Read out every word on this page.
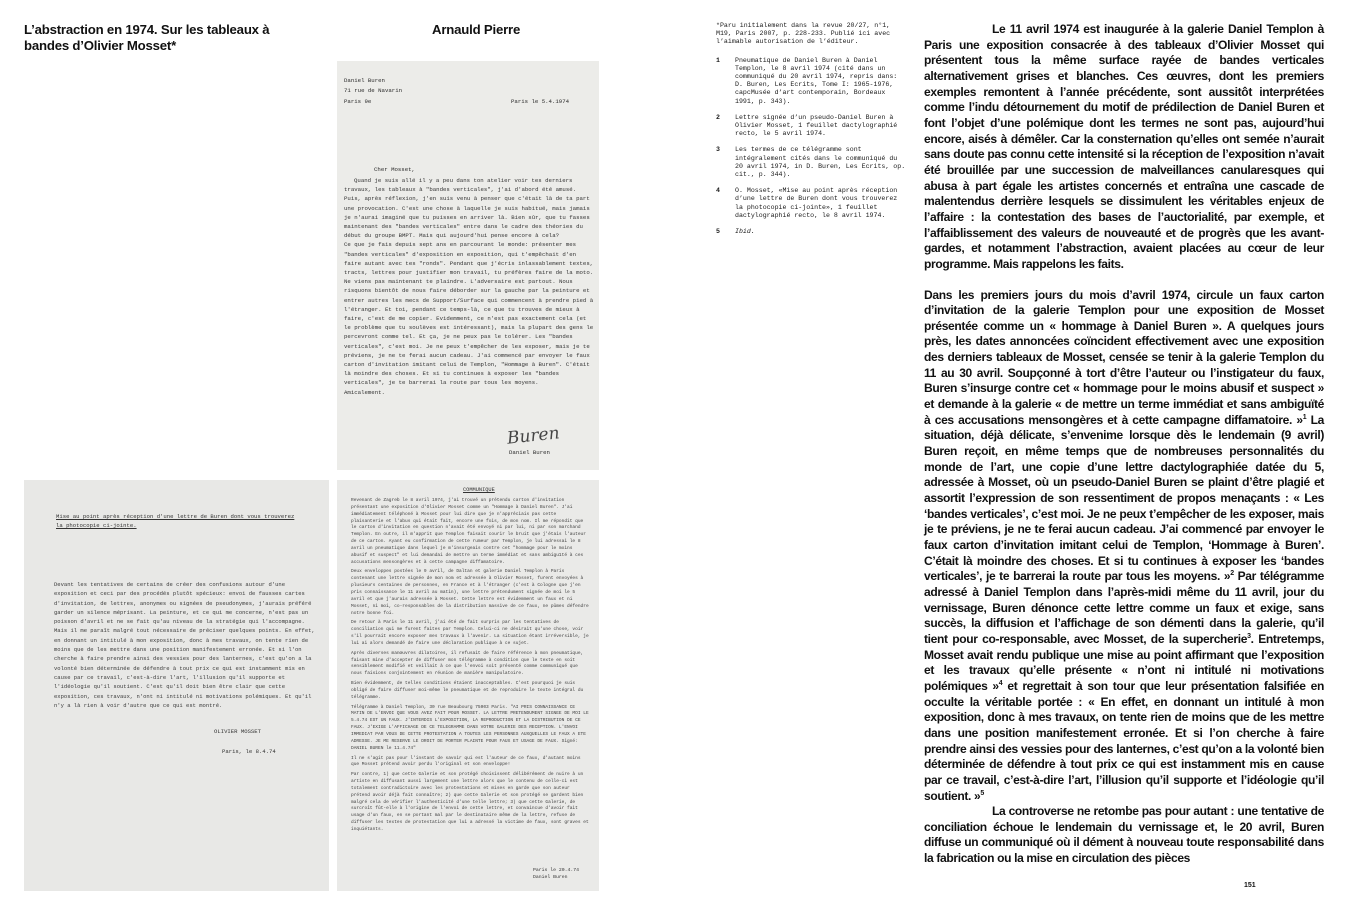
L’abstraction en 1974. Sur les tableaux à bandes d’Olivier Mosset*
Arnauld Pierre
Daniel Buren
71 rue de Navarin
Paris 9e	Paris le 5.4.1974
Cher Mosset,

Quand je suis allé il y a peu dans ton atelier voir tes derniers travaux, les tableaux à "bandes verticales", j'ai d'abord été amusé. Puis, après réflexion, j'en suis venu à penser que c'était là de ta part une provocation. C'est une chose à laquelle je suis habitué, mais jamais je n'aurai imaginé que tu puisses en arriver là. Bien sûr, que tu fasses maintenant des "bandes verticales" entre dans le cadre des théories du début du groupe BMPT. Mais qui aujourd'hui pense encore à cela?

Ce que je fais depuis sept ans en parcourant le monde: présenter mes "bandes verticales" d'exposition en exposition, qui t'empêchait d'en faire autant avec tes "ronds". Pendant que j'écris inlassablement textes, tracts, lettres pour justifier mon travail, tu préfères faire de la moto. Ne viens pas maintenant te plaindre. L'adversaire est partout. Nous risquons bientôt de nous faire déborder sur la gauche par la peinture et entrer autres les mecs de Support/Surface qui commencent à prendre pied à l'étranger. Et toi, pendant ce temps-là, ce que tu trouves de mieux à faire, c'est de me copier. Evidemment, ce n'est pas exactement cela (et le problème que tu soulèves est intéressant), mais la plupart des gens le percevront comme tel. Et ça, je ne peux pas le tolérer. Les "bandes verticales", c'est moi. Je ne peux t'empêcher de les exposer, mais je te préviens, je ne te ferai aucun cadeau. J'ai commencé par envoyer le faux carton d'invitation imitant celui de Templon, "Hommage à Buren". C'était là moindre des choses. Et si tu continues à exposer les "bandes verticales", je te barrerai la route par tous les moyens.

Amicalement.

Buren
Daniel Buren
Mise au point après réception d'une lettre de Buren dont vous trouverez la photocopie ci-jointe.
Devant les tentatives de certains de créer des confusions autour d'une exposition et ceci par des procédés plutôt spécieux: envoi de fausses cartes d'invitation, de lettres, anonymes ou signées de pseudonymes, j'aurais préféré garder un silence méprisant. La peinture, et ce qui me concerne, n'est pas un poisson d'avril et ne se fait qu'au niveau de la stratégie qui l'accompagne. Mais il me paraît malgré tout nécessaire de préciser quelques points. En effet, en donnant un intitulé à mon exposition, donc à mes travaux, on tente rien de moins que de les mettre dans une position manifestement erronée. Et si l'on cherche à faire prendre ainsi des vessies pour des lanternes, c'est qu'on a la volonté bien déterminée de défendre à tout prix ce qui est instamment mis en cause par ce travail, c'est-à-dire l'art, l'illusion qu'il supporte et l'idéologie qu'il soutient. C'est qu'il doit bien être clair que cette exposition, ces travaux, n'ont ni intitulé ni motivations polémiques. Et qu'il n'y a là rien à voir d'autre que ce qui est montré.
OLIVIER MOSSET
Paris, le 8.4.74
COMMUNIQUE

Revenant de Zagreb le 8 avril 1974, j'ai trouvé un prétendu carton d'invitation présentant une exposition d'Olivier Mosset comme un "Hommage à Daniel Buren". J'ai immédiatement téléphoné à Mosset pour lui dire que je n'appréciais pas cette plaisanterie et l'abus qui était fait, encore une fois, de mon nom. Il me répondit que le carton d'invitation en question n'avait été envoyé ni par lui, ni par son marchand Templon. En outre, il m'apprit que Templon faisait courir le bruit que j'étais l'auteur de ce carton. Ayant eu confirmation de cette rumeur par Templon, je lui adressai le 8 avril un pneumatique dans lequel je m'insurgeais contre cet "hommage pour le moins abusif et suspect" et lui demandai de mettre un terme immédiat et sans ambiguïté à ces accusations mensongères et à cette campagne diffamatoire.

Deux enveloppes postées le 9 avril, de Daltan et galerie Daniel Templon à Paris contenant une lettre signée de mon nom et adressée à Olivier Mosset, furent envoyées à plusieurs centaines de personnes, en France et à l'étranger (c'est à Cologne que j'en pris connaissance le 11 avril au matin), une lettre prétendument signée de moi le 5 avril et que j'aurais adressée à Mosset. Cette lettre est évidemment un faux et ni Mosset, ni moi, co-responsables de la distribution massive de ce faux, ne pûmes défendre notre bonne foi.

De retour à Paris le 11 avril, j'ai été de fait surpris par les tentatives de conciliation qui me furent faites par Templon. Celui-ci ne désirait qu'une chose, voir s'il pourrait encore exposer mes travaux à l'avenir. La situation étant irréversible, je lui ai alors demandé de faire une déclaration publique à ce sujet.

Après diverses manœuvres dilatoires, il refusait de faire référence à mon pneumatique, faisant mine d'accepter de diffuser mon télégramme à condition que le texte en soit sensiblement modifié et veillait à ce que l'envoi soit présenté comme communiqué que nous faisions conjointement en réunion de manière manipulatoire.

Bien évidemment, de telles conditions étaient inacceptables. C'est pourquoi je suis obligé de faire diffuser moi-même le pneumatique et de reproduire le texte intégral du télégramme.

Télégramme à Daniel Templon, 30 rue Beaubourg 75003 Paris. "AI PRIS CONNAISSANCE CE MATIN DE L'ENVOI QUE VOUS AVEZ FAIT POUR MOSSET. LA LETTRE PRETENDUMENT SIGNEE DE MOI LE 5.4.74 EST UN FAUX. J'INTERDIS L'EXPOSITION, LA REPRODUCTION ET LA DISTRIBUTION DE CE FAUX. J'EXIGE L'AFFICHAGE DE CE TELEGRAMME DANS VOTRE GALERIE DES RECEPTION. L'ENVOI IMMEDIAT PAR VOUS DE CETTE PROTESTATION A TOUTES LES PERSONNES AUXQUELLES LE FAUX A ETE ADRESSE. JE ME RESERVE LE DROIT DE PORTER PLAINTE POUR FAUX ET USAGE DE FAUX. Signé: DANIEL BUREN le 11.4.74"

Il ne s'agit pas pour l'instant de savoir qui est l'auteur de ce faux, d'autant moins que Mosset prétend avoir perdu l'original et son enveloppe!

Par contre, 1) que cette Galerie et son protégé choisissent délibérément de nuire à un artiste en diffusant aussi largement une lettre alors que le contenu de celle-ci est totalement contradictoire avec les protestations et mises en garde que son auteur prétend avoir déjà fait connaître; 2) que cette Galerie et son protégé se gardent bien malgré cela de vérifier l'authenticité d'une telle lettre; 3) que cette Galerie, de surcroît fût-elle à l'origine de l'envoi de cette lettre, et convaincue d'avoir fait usage d'un faux, en se portant mal par le destinataire même de la lettre, refuse de diffuser les textes de protestation que lui a adressé la victime de faux, sont graves et inquiétants.

Paris le 20.4.74
Daniel Buren
*Paru initialement dans la revue 20/27, n°1, M19, Paris 2007, p. 228-233. Publié ici avec l’aimable autorisation de l’éditeur.
1	Pneumatique de Daniel Buren à Daniel Templon, le 8 avril 1974 (cité dans un communiqué du 20 avril 1974, repris dans: D. Buren, Les Ecrits, Tome I: 1965-1976, capcMusée d’art contemporain, Bordeaux 1991, p. 343).
2	Lettre signée d’un pseudo-Daniel Buren à Olivier Mosset, 1 feuillet dactylographié recto, le 5 avril 1974.
3	Les termes de ce télégramme sont intégralement cités dans le communiqué du 20 avril 1974, in D. Buren, Les Ecrits, op. cit., p. 344).
4	O. Mosset, «Mise au point après réception d’une lettre de Buren dont vous trouverez la photocopie ci-jointe», 1 feuillet dactylographié recto, le 8 avril 1974.
5	Ibid.

Le 11 avril 1974 est inaugurée à la galerie Daniel Templon à Paris une exposition consacrée à des tableaux d’Olivier Mosset qui présentent tous la même surface rayée de bandes verticales alternativement grises et blanches. Ces œuvres, dont les premiers exemples remontent à l’année précédente, sont aussitôt interprétées comme l’indu détournement du motif de prédilection de Daniel Buren et font l’objet d’une polémique dont les termes ne sont pas, aujourd’hui encore, aisés à démêler. Car la consternation qu’elles ont semée n’aurait sans doute pas connu cette intensité si la réception de l’exposition n’avait été brouillée par une succession de malveillances canularesques qui abusa à part égale les artistes concernés et entraîna une cascade de malentendus derrière lesquels se dissimulent les véritables enjeux de l’affaire : la contestation des bases de l’auctorialité, par exemple, et l’affaiblissement des valeurs de nouveauté et de progrès que les avant-gardes, et notamment l’abstraction, avaient placées au cœur de leur programme. Mais rappelons les faits.

Dans les premiers jours du mois d’avril 1974, circule un faux carton d’invitation de la galerie Templon pour une exposition de Mosset présentée comme un « hommage à Daniel Buren ». A quelques jours près, les dates annoncées coïncident effectivement avec une exposition des derniers tableaux de Mosset, censée se tenir à la galerie Templon du 11 au 30 avril. Soupçonné à tort d’être l’auteur ou l’instigateur du faux, Buren s’insurge contre cet « hommage pour le moins abusif et suspect » et demande à la galerie « de mettre un terme immédiat et sans ambiguïté à ces accusations mensongères et à cette campagne diffamatoire. »$^1$ La situation, déjà délicate, s’envenime lorsque dès le lendemain (9 avril) Buren reçoit, en même temps que de nombreuses personnalités du monde de l’art, une copie d’une lettre dactylographiée datée du 5, adressée à Mosset, où un pseudo-Daniel Buren se plaint d’être plagié et assortit l’expression de son ressentiment de propos menaçants : « Les ‘bandes verticales’, c’est moi. Je ne peux t’empêcher de les exposer, mais je te préviens, je ne te ferai aucun cadeau. J’ai commencé par envoyer le faux carton d’invitation imitant celui de Templon, ‘Hommage à Buren’. C’était là moindre des choses. Et si tu continues à exposer les ‘bandes verticales’, je te barrerai la route par tous les moyens. »$^2$ Par télégramme adressé à Daniel Templon dans l’après-midi même du 11 avril, jour du vernissage, Buren dénonce cette lettre comme un faux et exige, sans succès, la diffusion et l’affichage de son démenti dans la galerie, qu’il tient pour co-responsable, avec Mosset, de la supercherie$^3$. Entretemps, Mosset avait rendu publique une mise au point affirmant que l’exposition et les travaux qu’elle présente « n’ont ni intitulé ni motivations polémiques »$^4$ et regrettait à son tour que leur présentation falsifiée en occulte la véritable portée : « En effet, en donnant un intitulé à mon exposition, donc à mes travaux, on tente rien de moins que de les mettre dans une position manifestement erronée. Et si l’on cherche à faire prendre ainsi des vessies pour des lanternes, c’est qu’on a la volonté bien déterminée de défendre à tout prix ce qui est instamment mis en cause par ce travail, c’est-à-dire l’art, l’illusion qu’il supporte et l’idéologie qu’il soutient. »$^5$

La controverse ne retombe pas pour autant : une tentative de conciliation échoue le lendemain du vernissage et, le 20 avril, Buren diffuse un communiqué où il dément à nouveau toute responsabilité dans la fabrication ou la mise en circulation des pièces

151
